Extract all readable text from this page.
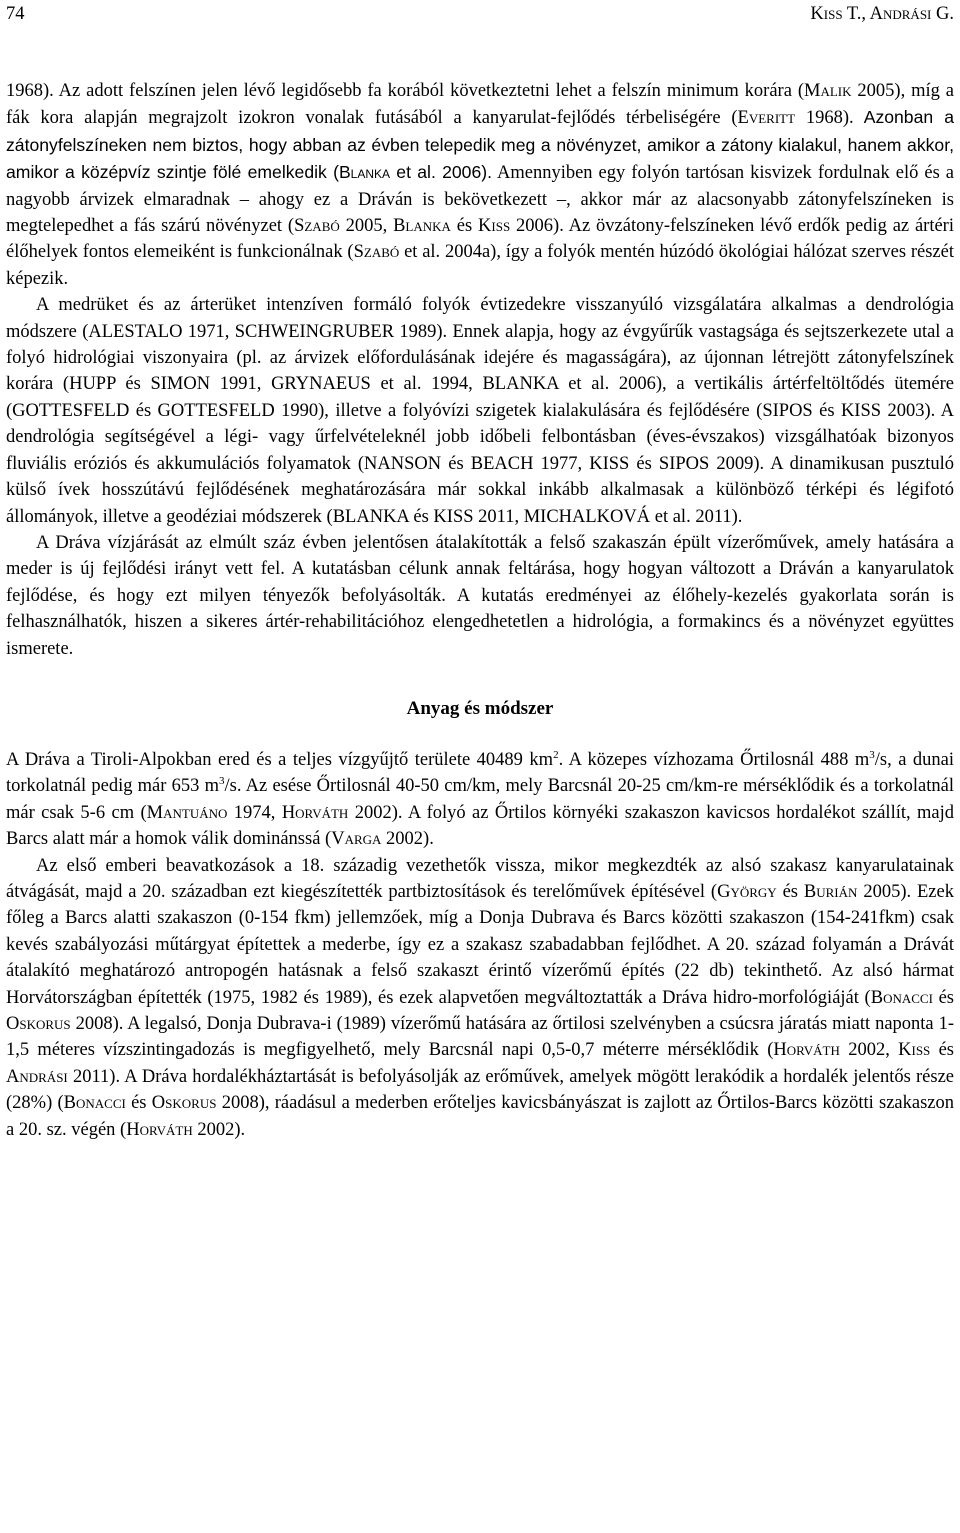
74	Kiss T., Andrási G.

1968). Az adott felszínen jelen lévő legidősebb fa korából következtetni lehet a felszín minimum korára (Malik 2005), míg a fák kora alapján megrajzolt izokron vonalak futásából a kanyarulat-fejlődés térbeliségére (Everitt 1968). Azonban a zátonyfelszíneken nem biztos, hogy abban az évben telepedik meg a növényzet, amikor a zátony kialakul, hanem akkor, amikor a középvíz szintje fölé emelkedik (Blanka et al. 2006). Amennyiben egy folyón tartósan kisvizek fordulnak elő és a nagyobb árvizek elmaradnak – ahogy ez a Dráván is bekövetkezett –, akkor már az alacsonyabb zátonyfelszíneken is megtelepedhet a fás szárú növényzet (Szabó 2005, Blanka és Kiss 2006). Az övzátony-felszíneken lévő erdők pedig az ártéri élőhelyek fontos elemeiként is funkcionálnak (Szabó et al. 2004a), így a folyók mentén húzódó ökológiai hálózat szerves részét képezik.

A medrüket és az árterüket intenzíven formáló folyók évtizedekre visszanyúló vizsgálatára alkalmas a dendrológia módszere (ALESTALO 1971, SCHWEINGRUBER 1989). Ennek alapja, hogy az évgyűrűk vastagsága és sejtszerkezete utal a folyó hidrológiai viszonyaira (pl. az árvizek előfordulásának idejére és magasságára), az újonnan létrejött zátonyfelszínek korára (HUPP és SIMON 1991, GRYNAEUS et al. 1994, BLANKA et al. 2006), a vertikális ártérfeltöltődés ütemére (GOTTESFELD és GOTTESFELD 1990), illetve a folyóvízi szigetek kialakulására és fejlődésére (SIPOS és KISS 2003). A dendrológia segítségével a légi- vagy űrfelvételeknél jobb időbeli felbontásban (éves-évszakos) vizsgálhatóak bizonyos fluviális eróziós és akkumulációs folyamatok (NANSON és BEACH 1977, KISS és SIPOS 2009). A dinamikusan pusztuló külső ívek hosszútávú fejlődésének meghatározására már sokkal inkább alkalmasak a különböző térképi és légifotó állományok, illetve a geodéziai módszerek (BLANKA és KISS 2011, MICHALKOVÁ et al. 2011).

A Dráva vízjárását az elmúlt száz évben jelentősen átalakították a felső szakaszán épült vízerőművek, amely hatására a meder is új fejlődési irányt vett fel. A kutatásban célunk annak feltárása, hogy hogyan változott a Dráván a kanyarulatok fejlődése, és hogy ezt milyen tényezők befolyásolták. A kutatás eredményei az élőhely-kezelés gyakorlata során is felhasználhatók, hiszen a sikeres ártér-rehabilitációhoz elengedhetetlen a hidrológia, a formakincs és a növényzet együttes ismerete.

Anyag és módszer

A Dráva a Tiroli-Alpokban ered és a teljes vízgyűjtő területe 40489 $km^2$. A közepes vízhozama Őrtilosnál 488 $m^3/s$, a dunai torkolatnál pedig már 653 $m^3/s$. Az esése Őrtilosnál 40-50 cm/km, mely Barcsnál 20-25 cm/km-re mérséklődik és a torkolatnál már csak 5-6 cm (Mantuáno 1974, Horváth 2002). A folyó az Őrtilos környéki szakaszon kavicsos hordalékot szállít, majd Barcs alatt már a homok válik dominánssá (Varga 2002).

Az első emberi beavatkozások a 18. századig vezethetők vissza, mikor megkezdték az alsó szakasz kanyarulatainak átvágását, majd a 20. században ezt kiegészítették partbiztosítások és terelőművek építésével (György és Burián 2005). Ezek főleg a Barcs alatti szakaszon (0-154 fkm) jellemzőek, míg a Donja Dubrava és Barcs közötti szakaszon (154-241fkm) csak kevés szabályozási műtárgyat építettek a mederbe, így ez a szakasz szabadabban fejlődhet. A 20. század folyamán a Drávát átalakító meghatározó antropogén hatásnak a felső szakaszt érintő vízerőmű építés (22 db) tekinthető. Az alsó hármat Horvátországban építették (1975, 1982 és 1989), és ezek alapvetően megváltoztatták a Dráva hidro-morfológiáját (Bonacci és Oskorus 2008). A legalsó, Donja Dubrava-i (1989) vízerőmű hatására az őrtilosi szelvényben a csúcsra járatás miatt naponta 1-1,5 méteres vízszintingadozás is megfigyelhető, mely Barcsnál napi 0,5-0,7 méterre mérséklődik (Horváth 2002, Kiss és Andrási 2011). A Dráva hordalékháztartását is befolyásolják az erőművek, amelyek mögött lerakódik a hordalék jelentős része (28%) (Bonacci és Oskorus 2008), ráadásul a mederben erőteljes kavicsbányászat is zajlott az Őrtilos-Barcs közötti szakaszon a 20. sz. végén (Horváth 2002).
